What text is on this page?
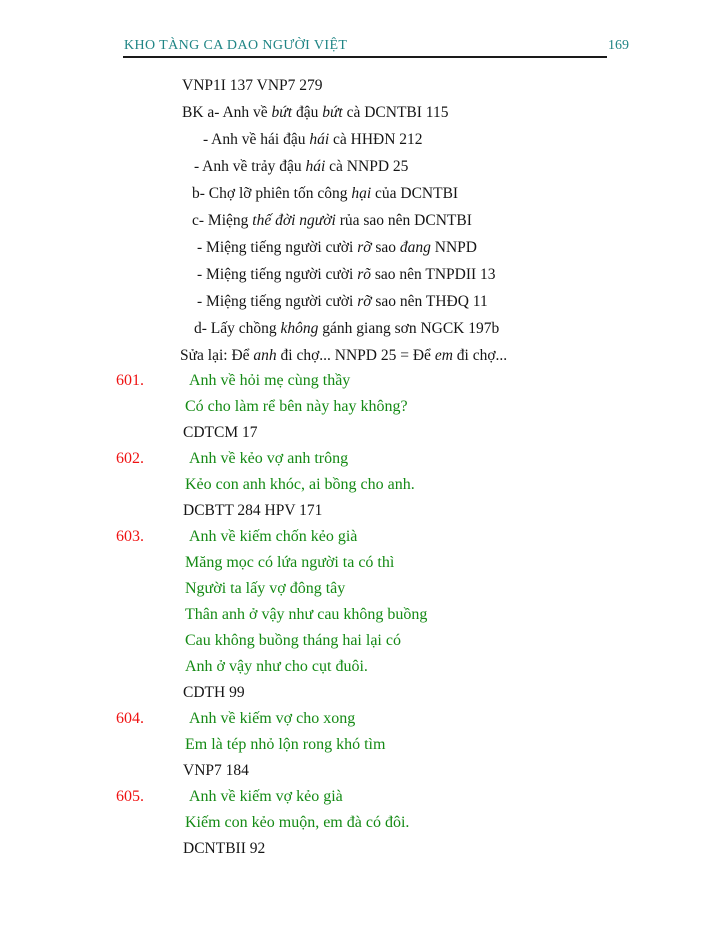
KHO TÀNG CA DAO NGƯỜI VIỆT	169
VNP1I 137 VNP7 279
BK a- Anh về bứt đậu bứt cà DCNTBI 115
- Anh về hái đậu hái cà HHĐN 212
- Anh về trảy đậu hái cà NNPD 25
b- Chợ lỡ phiên tốn công hại của DCNTBI
c- Miệng thế đời người rủa sao nên DCNTBI
- Miệng tiếng người cười rỡ sao đang NNPD
- Miệng tiếng người cười rõ sao nên TNPDII 13
- Miệng tiếng người cười rỡ sao nên THĐQ 11
d- Lấy chồng không gánh giang sơn NGCK 197b
Sửa lại: Để anh đi chợ... NNPD 25 = Để em đi chợ...
601.	Anh về hỏi mẹ cùng thầy
Có cho làm rể bên này hay không?
CDTCM 17
602.	Anh về kẻo vợ anh trông
Kẻo con anh khóc, ai bồng cho anh.
DCBTT 284 HPV 171
603.	Anh về kiếm chốn kẻo già
Măng mọc có lứa người ta có thì
Người ta lấy vợ đông tây
Thân anh ở vậy như cau không buồng
Cau không buồng tháng hai lại có
Anh ở vậy như cho cụt đuôi.
CDTH 99
604.	Anh về kiếm vợ cho xong
Em là tép nhỏ lộn rong khó tìm
VNP7 184
605.	Anh về kiếm vợ kẻo già
Kiếm con kẻo muộn, em đà có đôi.
DCNTBII 92
